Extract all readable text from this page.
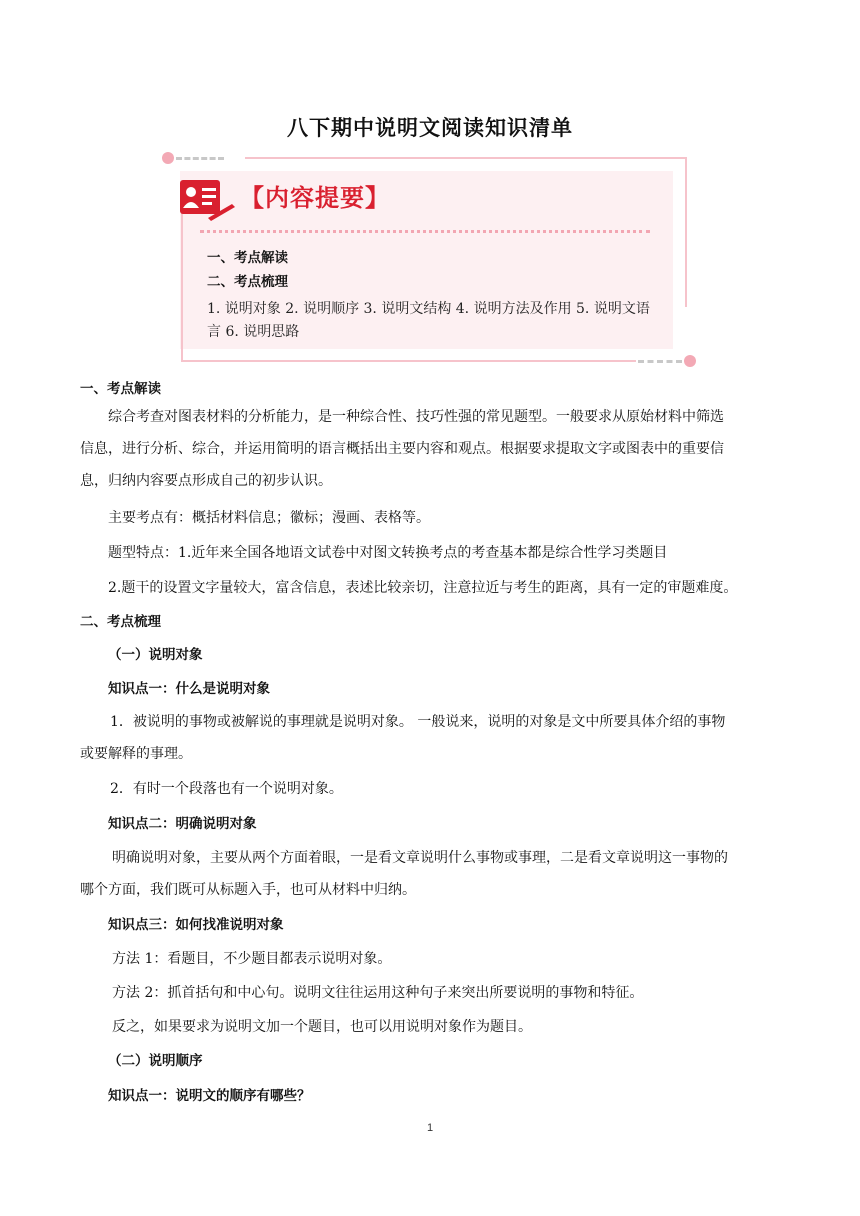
八下期中说明文阅读知识清单
【内容提要】
一、考点解读
二、考点梳理
1. 说明对象 2. 说明顺序 3. 说明文结构 4. 说明方法及作用 5. 说明文语言 6. 说明思路
一、考点解读
综合考查对图表材料的分析能力，是一种综合性、技巧性强的常见题型。一般要求从原始材料中筛选
信息，进行分析、综合，并运用简明的语言概括出主要内容和观点。根据要求提取文字或图表中的重要信
息，归纳内容要点形成自己的初步认识。
主要考点有：概括材料信息；徽标；漫画、表格等。
题型特点：1.近年来全国各地语文试卷中对图文转换考点的考查基本都是综合性学习类题目
2.题干的设置文字量较大，富含信息，表述比较亲切，注意拉近与考生的距离，具有一定的审题难度。
二、考点梳理
（一）说明对象
知识点一：什么是说明对象
1．被说明的事物或被解说的事理就是说明对象。 一般说来，说明的对象是文中所要具体介绍的事物
或要解释的事理。
2．有时一个段落也有一个说明对象。
知识点二：明确说明对象
明确说明对象，主要从两个方面着眼，一是看文章说明什么事物或事理，二是看文章说明这一事物的
哪个方面，我们既可从标题入手，也可从材料中归纳。
知识点三：如何找准说明对象
方法 1：看题目，不少题目都表示说明对象。
方法 2：抓首括句和中心句。说明文往往运用这种句子来突出所要说明的事物和特征。
反之，如果要求为说明文加一个题目，也可以用说明对象作为题目。
（二）说明顺序
知识点一：说明文的顺序有哪些？
1
